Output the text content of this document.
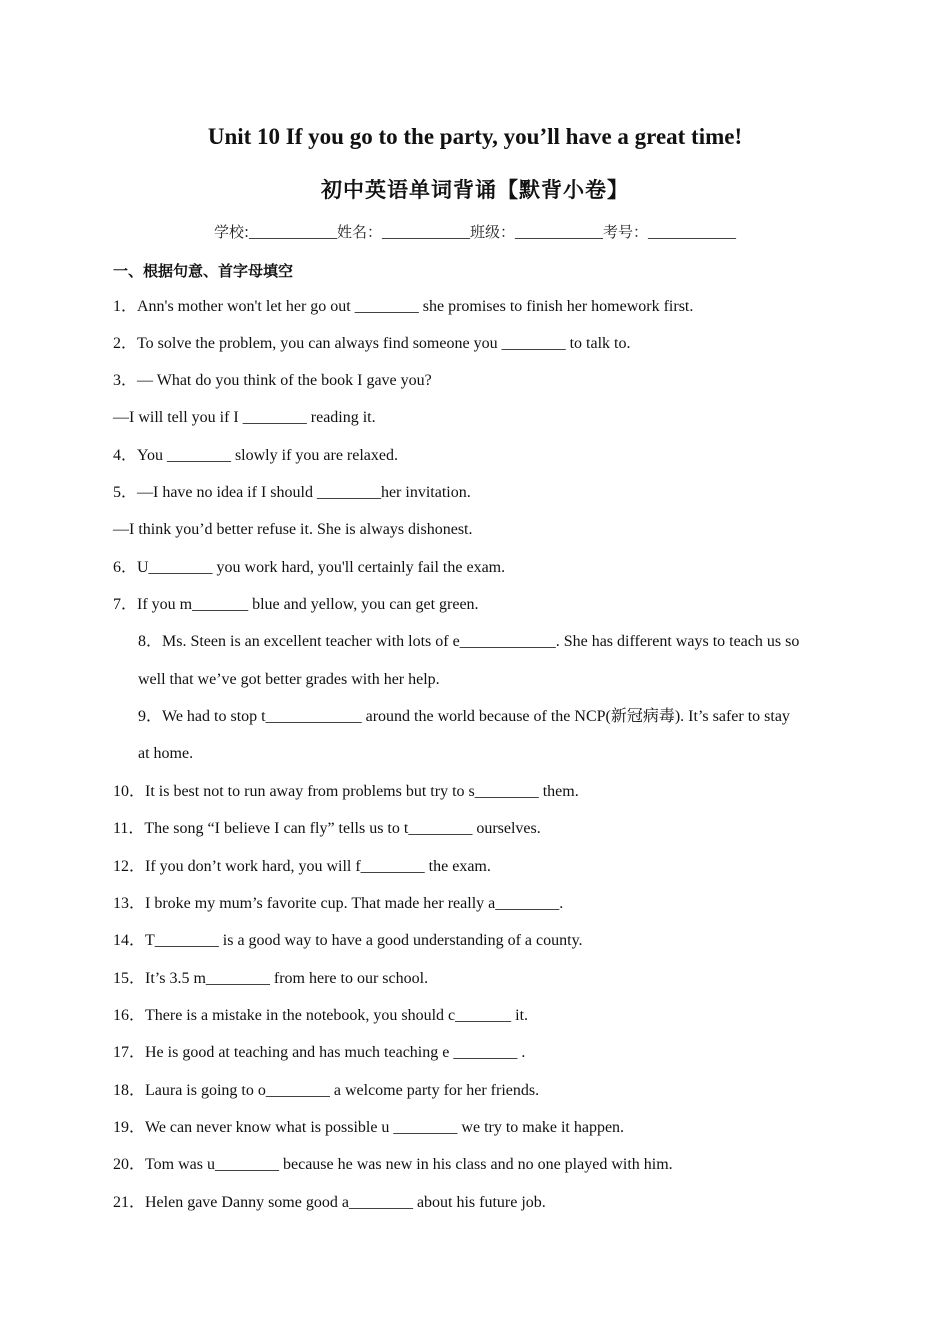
Unit 10 If you go to the party, you’ll have a great time!
初中英语单词背诵【默背小卷】
学校:___________姓名：___________班级：___________考号：___________
一、根据句意、首字母填空
1．Ann's mother won't let her go out ________ she promises to finish her homework first.
2．To solve the problem, you can always find someone you ________ to talk to.
3．— What do you think of the book I gave you?
—I will tell you if I ________ reading it.
4．You ________ slowly if you are relaxed.
5．—I have no idea if I should ________her invitation.
—I think you’d better refuse it. She is always dishonest.
6．U________ you work hard, you'll certainly fail the exam.
7．If you m_______ blue and yellow, you can get green.
8．Ms. Steen is an excellent teacher with lots of e____________. She has different ways to teach us so
well that we’ve got better grades with her help.
9．We had to stop t____________ around the world because of the NCP(新冠病毒). It’s safer to stay
at home.
10．It is best not to run away from problems but try to s________ them.
11．The song “I believe I can fly” tells us to t________ ourselves.
12．If you don’t work hard, you will f________ the exam.
13．I broke my mum’s favorite cup. That made her really a________.
14．T________ is a good way to have a good understanding of a county.
15．It’s 3.5 m________ from here to our school.
16．There is a mistake in the notebook, you should c_______ it.
17．He is good at teaching and has much teaching e ________ .
18．Laura is going to o________ a welcome party for her friends.
19．We can never know what is possible u ________ we try to make it happen.
20．Tom was u________ because he was new in his class and no one played with him.
21．Helen gave Danny some good a________ about his future job.
